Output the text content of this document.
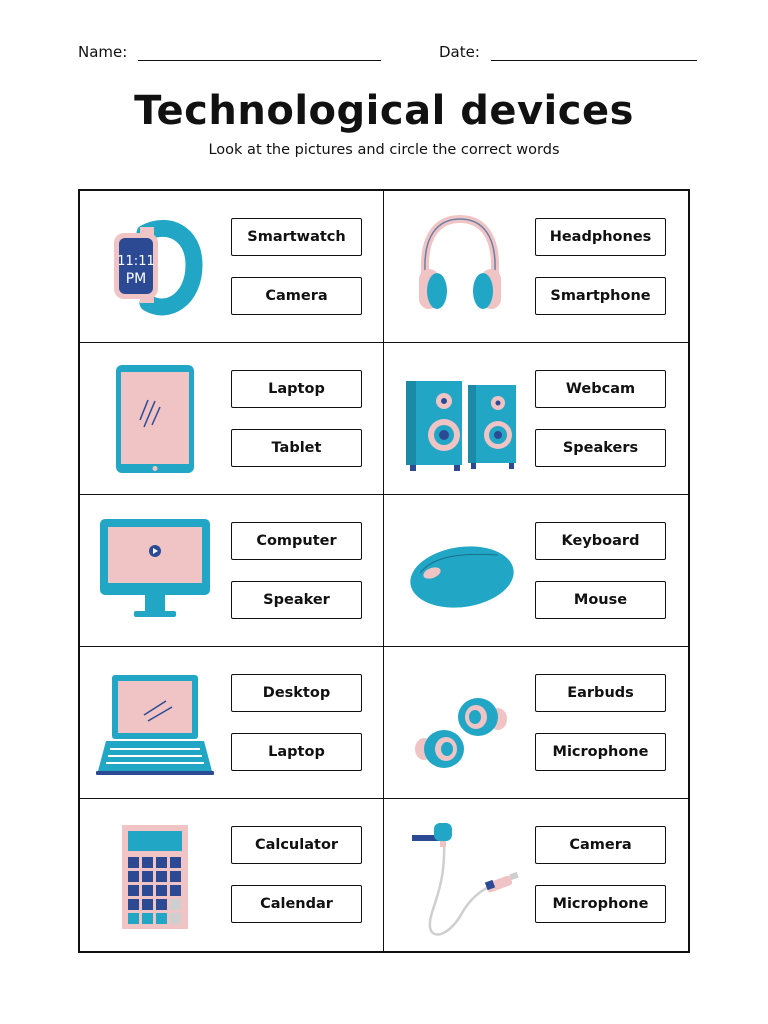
Name:	Date:
Technological devices
Look at the pictures and circle the correct words
11:11
PM
Smartwatch
Camera
Headphones
Smartphone
Laptop
Tablet
Webcam
Speakers
Computer
Speaker
Keyboard
Mouse
Desktop
Laptop
Earbuds
Microphone
Calculator
Calendar
Camera
Microphone
